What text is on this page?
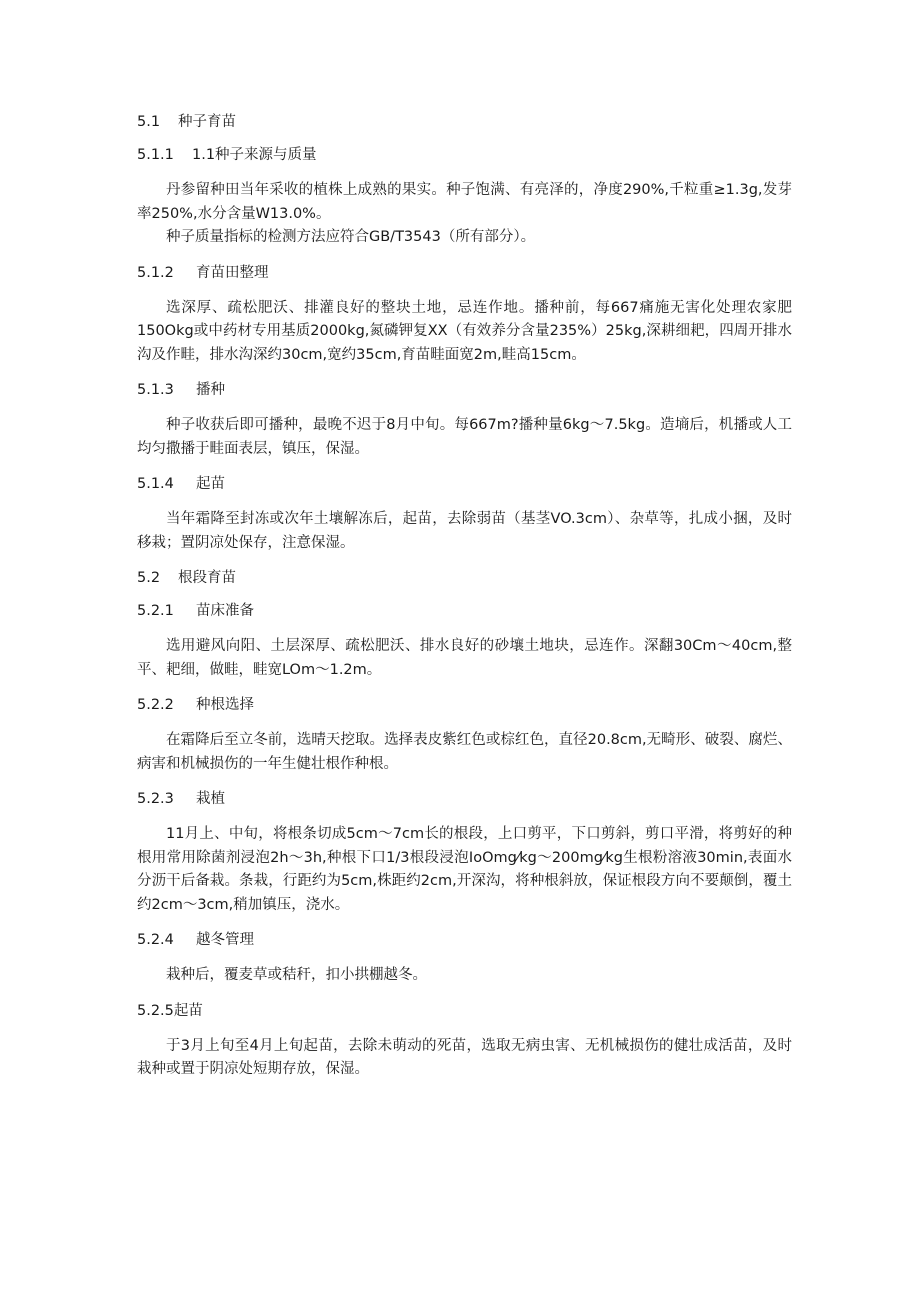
5.1	种子育苗
5.1.1	1.1种子来源与质量

丹参留种田当年采收的植株上成熟的果实。种子饱满、有亮泽的，净度290%,千粒重≥1.3g,发芽率250%,水分含量W13.0%。

种子质量指标的检测方法应符合GB/T3543（所有部分）。

5.1.2	育苗田整理

选深厚、疏松肥沃、排灌良好的整块土地，忌连作地。播种前，每667痛施无害化处理农家肥150Okg或中药材专用基质2000kg,氮磷钾复XX（有效养分含量235%）25kg,深耕细耙，四周开排水沟及作畦，排水沟深约30cm,宽约35cm,育苗畦面宽2m,畦高15cm。

5.1.3	播种

种子收获后即可播种，最晚不迟于8月中旬。每667m?播种量6kg～7.5kg。造墒后，机播或人工均匀撒播于畦面表层，镇压，保湿。

5.1.4	起苗

当年霜降至封冻或次年土壤解冻后，起苗，去除弱苗（基茎VO.3cm）、杂草等，扎成小捆，及时移栽；置阴凉处保存，注意保湿。

5.2	根段育苗
5.2.1	苗床准备

选用避风向阳、土层深厚、疏松肥沃、排水良好的砂壤土地块，忌连作。深翻30Cm～40cm,整平、耙细，做畦，畦宽LOm～1.2m。

5.2.2	种根选择

在霜降后至立冬前，选晴天挖取。选择表皮紫红色或棕红色，直径20.8cm,无畸形、破裂、腐烂、病害和机械损伤的一年生健壮根作种根。

5.2.3	栽植

11月上、中旬，将根条切成5cm～7cm长的根段，上口剪平，下口剪斜，剪口平滑，将剪好的种根用常用除菌剂浸泡2h～3h,种根下口1/3根段浸泡IoOmg⁄kg～200mg⁄kg生根粉溶液30min,表面水分沥干后备栽。条栽，行距约为5cm,株距约2cm,开深沟，将种根斜放，保证根段方向不要颠倒，覆土约2cm～3cm,稍加镇压，浇水。

5.2.4	越冬管理

栽种后，覆麦草或秸秆，扣小拱棚越冬。

5.2.5 起苗

于3月上旬至4月上旬起苗，去除未萌动的死苗，选取无病虫害、无机械损伤的健壮成活苗，及时栽种或置于阴凉处短期存放，保湿。
